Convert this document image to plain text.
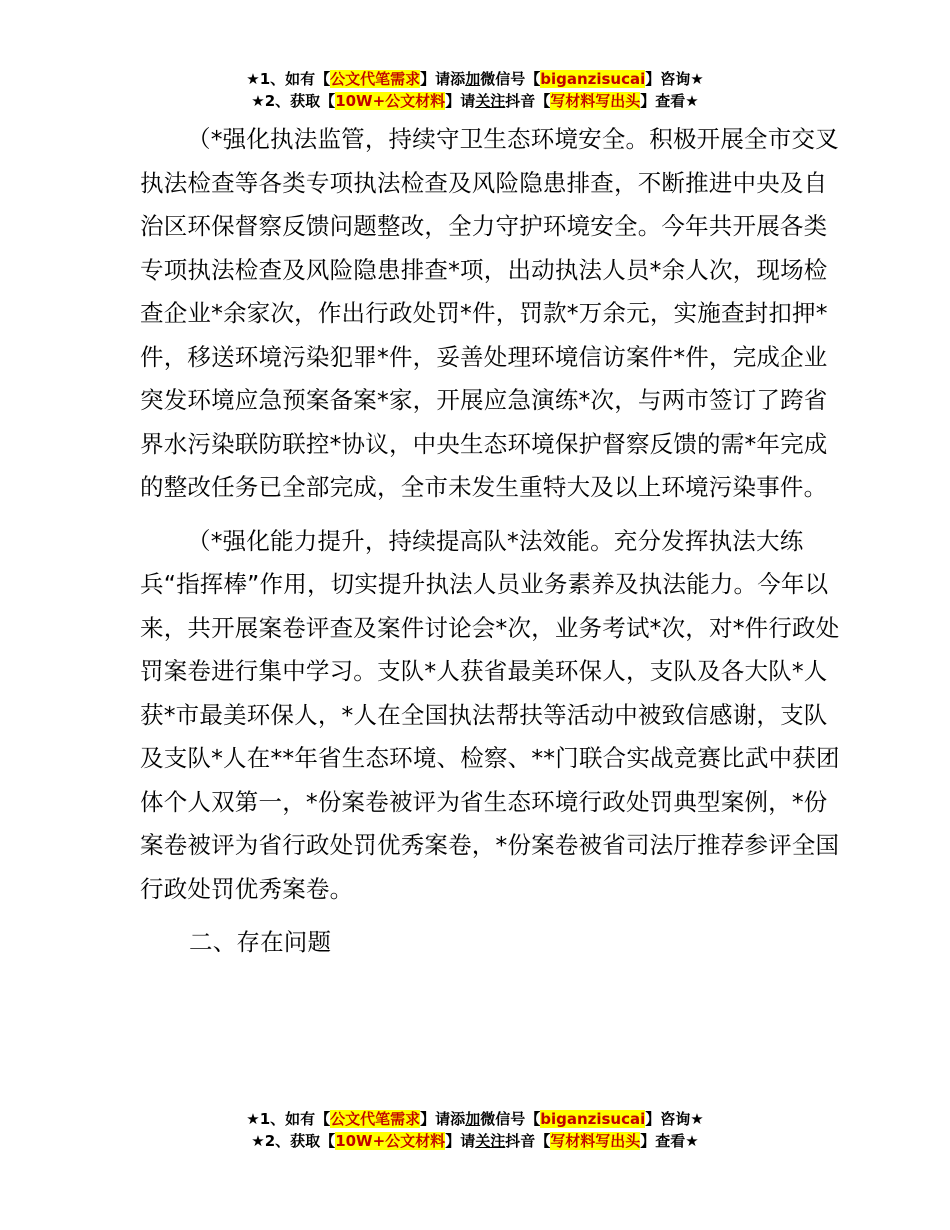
★1、如有【公文代笔需求】请添加微信号【biganzisucai】咨询★
★2、获取【10W+公文材料】请关注抖音【写材料写出头】查看★

（*强化执法监管，持续守卫生态环境安全。积极开展全市交叉执法检查等各类专项执法检查及风险隐患排查，不断推进中央及自治区环保督察反馈问题整改，全力守护环境安全。今年共开展各类专项执法检查及风险隐患排查*项，出动执法人员*余人次，现场检查企业*余家次，作出行政处罚*件，罚款*万余元，实施查封扣押*件，移送环境污染犯罪*件，妥善处理环境信访案件*件，完成企业突发环境应急预案备案*家，开展应急演练*次，与两市签订了跨省界水污染联防联控*协议，中央生态环境保护督察反馈的需*年完成的整改任务已全部完成，全市未发生重特大及以上环境污染事件。

（*强化能力提升，持续提高队*法效能。充分发挥执法大练兵“指挥棒”作用，切实提升执法人员业务素养及执法能力。今年以来，共开展案卷评查及案件讨论会*次，业务考试*次，对*件行政处罚案卷进行集中学习。支队*人获省最美环保人，支队及各大队*人获*市最美环保人，*人在全国执法帮扶等活动中被致信感谢，支队及支队*人在**年省生态环境、检察、**门联合实战竞赛比武中获团体个人双第一，*份案卷被评为省生态环境行政处罚典型案例，*份案卷被评为省行政处罚优秀案卷，*份案卷被省司法厅推荐参评全国行政处罚优秀案卷。

二、存在问题

★1、如有【公文代笔需求】请添加微信号【biganzisucai】咨询★
★2、获取【10W+公文材料】请关注抖音【写材料写出头】查看★
